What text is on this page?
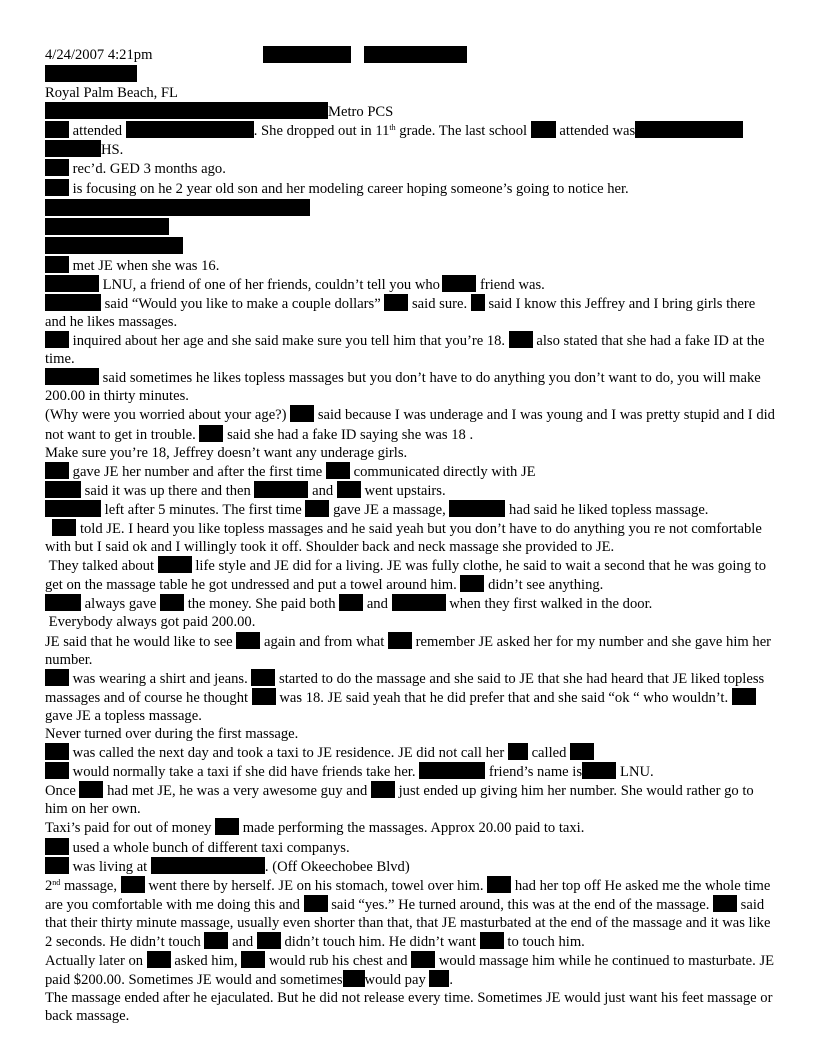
4/24/2007 4:21pm
Royal Palm Beach, FL
Metro PCS
attended	. She dropped out in 11th grade. The last school attended was
HS.
rec’d. GED 3 months ago.
is focusing on he 2 year old son and her modeling career hoping someone’s going to notice her.
met JE when she was 16.
LNU, a friend of one of her friends, couldn’t tell you who	friend was.
said “Would you like to make a couple dollars” said sure. said I know this Jeffrey and I bring girls there and he likes massages.
inquired about her age and she said make sure you tell him that you’re 18. also stated that she had a fake ID at the time.
said sometimes he likes topless massages but you don’t have to do anything you don’t want to do, you will make 200.00 in thirty minutes.
(Why were you worried about your age?) said because I was underage and I was young and I was pretty stupid and I did not want to get in trouble. said she had a fake ID saying she was 18 .
Make sure you’re 18, Jeffrey doesn’t want any underage girls.
gave JE her number and after the first time communicated directly with JE
said it was up there and then	and went upstairs.
left after 5 minutes. The first time gave JE a massage,	had said he liked topless massage.
told JE. I heard you like topless massages and he said yeah but you don’t have to do anything you re not comfortable with but I said ok and I willingly took it off. Shoulder back and neck massage she provided to JE.
They talked about	life style and JE did for a living. JE was fully clothe, he said to wait a second that he was going to get on the massage table he got undressed and put a towel around him. didn’t see anything.
always gave the money. She paid both and	when they first walked in the door.
Everybody always got paid 200.00.
JE said that he would like to see again and from what remember JE asked her for my number and she gave him her number.
was wearing a shirt and jeans. started to do the massage and she said to JE that she had heard that JE liked topless massages and of course he thought was 18. JE said yeah that he did prefer that and she said “ok “ who wouldn’t.  gave JE a topless massage.
Never turned over during the first massage.
was called the next day and took a taxi to JE residence. JE did not call her called
would normally take a taxi if she did have friends take her.	friend’s name is	LNU.
Once had met JE, he was a very awesome guy and just ended up giving him her number. She would rather go to him on her own.
Taxi’s paid for out of money made performing the massages. Approx 20.00 paid to taxi.
used a whole bunch of different taxi companys.
was living at	. (Off Okeechobee Blvd)
2nd massage, went there by herself. JE on his stomach, towel over him. had her top off He asked me the whole time are you comfortable with me doing this and said “yes.” He turned around, this was at the end of the massage. said that their thirty minute massage, usually even shorter than that, that JE masturbated at the end of the massage and it was like 2 seconds. He didn’t touch and didn’t touch him. He didn’t want to touch him.
Actually later on asked him, would rub his chest and would massage him while he continued to masturbate. JE paid $200.00. Sometimes JE would and sometimes would pay .
The massage ended after he ejaculated. But he did not release every time. Sometimes JE would just want his feet massage or back massage.
